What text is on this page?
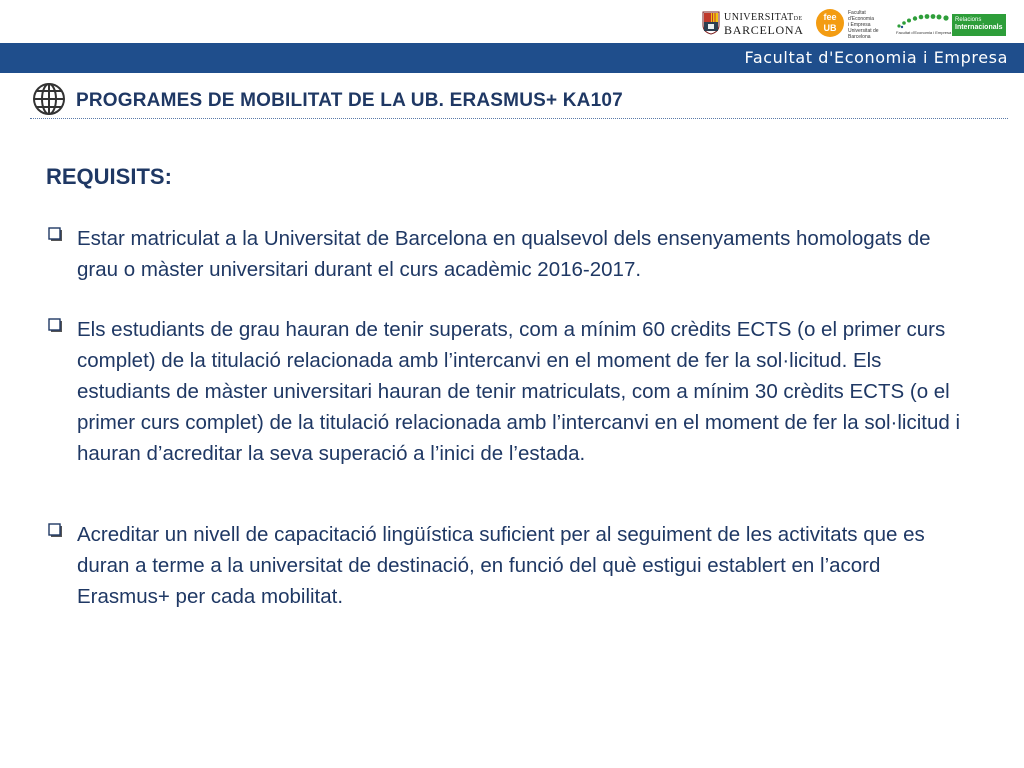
UNIVERSITATDE
BARCELONA
fee
UB
Facultat
d'Economia
i Empresa
Universitat de Barcelona
Facultat d'Economia i Empresa
Relacions
Internacionals
Facultat d'Economia i Empresa
PROGRAMES DE MOBILITAT DE LA UB. ERASMUS+ KA107
REQUISITS:
Estar matriculat a la Universitat de Barcelona en qualsevol dels ensenyaments homologats de grau o màster universitari durant el curs acadèmic 2016-2017.
Els estudiants de grau hauran de tenir superats, com a mínim 60 crèdits ECTS (o el primer curs complet) de la titulació relacionada amb l’intercanvi en el moment de fer la sol·licitud. Els estudiants de màster universitari hauran de tenir matriculats, com a mínim 30 crèdits ECTS (o el primer curs complet) de la titulació relacionada amb l’intercanvi en el moment de fer la sol·licitud i hauran d’acreditar la seva superació a l’inici de l’estada.
Acreditar un nivell de capacitació lingüística suficient per al seguiment de les activitats que es duran a terme a la universitat de destinació, en funció del què estigui establert en l’acord Erasmus+ per cada mobilitat.
